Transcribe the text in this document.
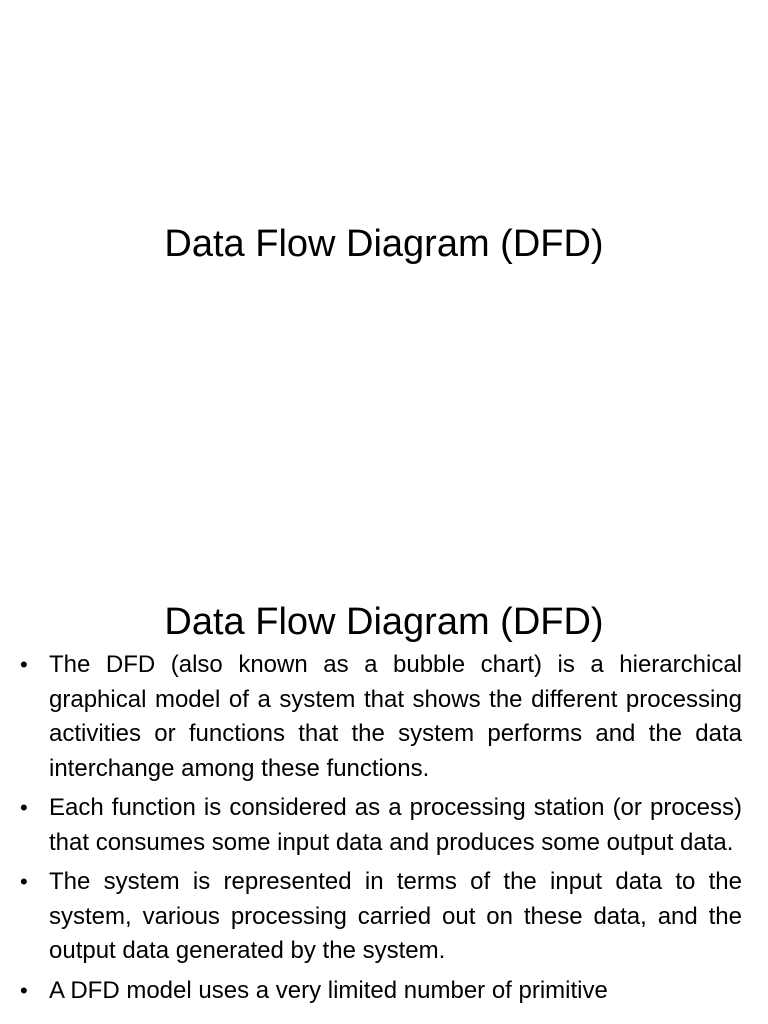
Data Flow Diagram (DFD)
Data Flow Diagram (DFD)
• The DFD (also known as a bubble chart) is a hierarchical graphical model of a system that shows the different processing activities or functions that the system performs and the data interchange among these functions.
• Each function is considered as a processing station (or process) that consumes some input data and produces some output data.
• The system is represented in terms of the input data to the system, various processing carried out on these data, and the output data generated by the system.
• A DFD model uses a very limited number of primitive
